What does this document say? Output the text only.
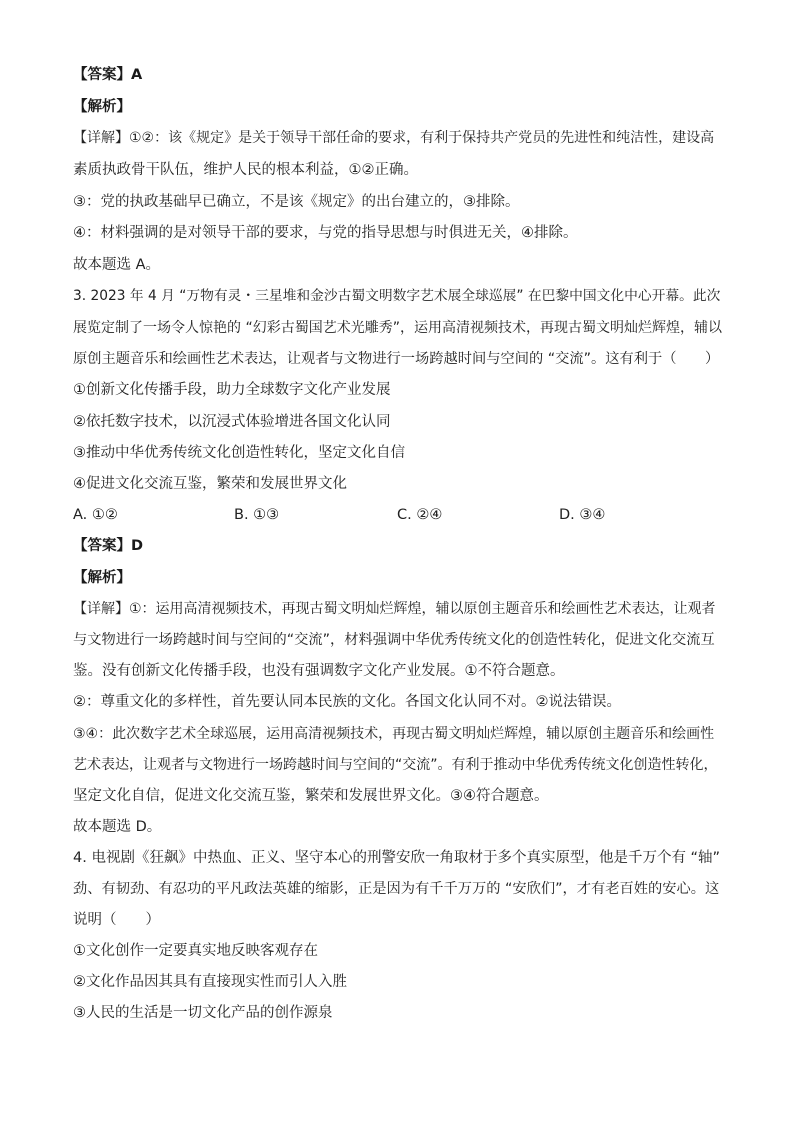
【答案】A
【解析】
【详解】①②：该《规定》是关于领导干部任命的要求，有利于保持共产党员的先进性和纯洁性，建设高
素质执政骨干队伍，维护人民的根本利益，①②正确。
③：党的执政基础早已确立，不是该《规定》的出台建立的，③排除。
④：材料强调的是对领导干部的要求，与党的指导思想与时俱进无关，④排除。
故本题选 A。
3. 2023 年 4 月 “万物有灵・三星堆和金沙古蜀文明数字艺术展全球巡展” 在巴黎中国文化中心开幕。此次
展览定制了一场令人惊艳的 “幻彩古蜀国艺术光雕秀”，运用高清视频技术，再现古蜀文明灿烂辉煌，辅以
原创主题音乐和绘画性艺术表达，让观者与文物进行一场跨越时间与空间的 “交流”。这有利于（　　）
①创新文化传播手段，助力全球数字文化产业发展
②依托数字技术，以沉浸式体验增进各国文化认同
③推动中华优秀传统文化创造性转化，坚定文化自信
④促进文化交流互鉴，繁荣和发展世界文化
A. ①②	B. ①③	C. ②④	D. ③④
【答案】D
【解析】
【详解】①：运用高清视频技术，再现古蜀文明灿烂辉煌，辅以原创主题音乐和绘画性艺术表达，让观者
与文物进行一场跨越时间与空间的“交流”，材料强调中华优秀传统文化的创造性转化，促进文化交流互
鉴。没有创新文化传播手段，也没有强调数字文化产业发展。①不符合题意。
②：尊重文化的多样性，首先要认同本民族的文化。各国文化认同不对。②说法错误。
③④：此次数字艺术全球巡展，运用高清视频技术，再现古蜀文明灿烂辉煌，辅以原创主题音乐和绘画性
艺术表达，让观者与文物进行一场跨越时间与空间的“交流”。有利于推动中华优秀传统文化创造性转化，
坚定文化自信，促进文化交流互鉴，繁荣和发展世界文化。③④符合题意。
故本题选 D。
4. 电视剧《狂飙》中热血、正义、坚守本心的刑警安欣一角取材于多个真实原型，他是千万个有 “轴”
劲、有韧劲、有忍功的平凡政法英雄的缩影，正是因为有千千万万的 “安欣们”，才有老百姓的安心。这
说明（　　）
①文化创作一定要真实地反映客观存在
②文化作品因其具有直接现实性而引人入胜
③人民的生活是一切文化产品的创作源泉
